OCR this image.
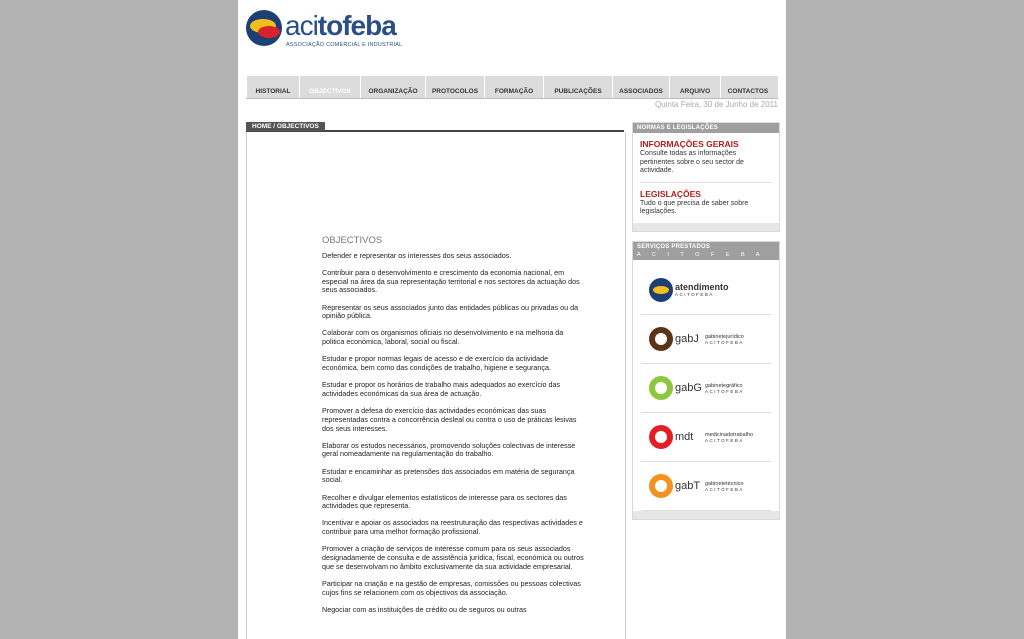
acitofeba
ASSOCIAÇÃO COMERCIAL E INDUSTRIAL
HISTORIAL	OBJECTIVOS	ORGANIZAÇÃO	PROTOCOLOS	FORMAÇÃO	PUBLICAÇÕES	ASSOCIADOS	ARQUIVO	CONTACTOS
Quinta Feira, 30 de Junho de 2011
HOME / OBJECTIVOS
OBJECTIVOS

Defender e representar os interesses dos seus associados.

Contribuir para o desenvolvimento e crescimento da economia nacional, em especial na área da sua representação territorial e nos sectores da actuação dos seus associados.

Representar os seus associados junto das entidades públicas ou privadas ou da opinião pública.

Colaborar com os organismos oficiais no desenvolvimento e na melhoria da politica económica, laboral, social ou fiscal.

Estudar e propor normas legais de acesso e de exercício da actividade económica, bem como das condições de trabalho, higiene e segurança.

Estudar e propor os horários de trabalho mais adequados ao exercício das actividades económicas da sua área de actuação.

Promover a defesa do exercício das actividades económicas das suas representadas contra a concorrência desleal ou contra o uso de práticas lesivas dos seus interesses.

Elaborar os estudos necessários, promovendo soluções colectivas de interesse geral nomeadamente na regulamentação do trabalho.

Estudar e encaminhar as pretensões dos associados em matéria de segurança social.

Recolher e divulgar elementos estatísticos de interesse para os sectores das actividades que representa.

Incentivar e apoiar os associados na reestruturação das respectivas actividades e contribuir para uma melhor formação profissional.

Promover a criação de serviços de interesse comum para os seus associados designadamente de consulta e de assistência jurídica, fiscal, económica ou outros que se desenvolvam no âmbito exclusivamente da sua actividade empresarial.

Participar na criação e na gestão de empresas, comissões ou pessoas colectivas cujos fins se relacionem com os objectivos da associação.

Negociar com as instituições de crédito ou de seguros ou outras

NORMAS E LEGISLAÇÕES
INFORMAÇÕES GERAIS

Consulte todas as informações pertinentes sobre o seu sector de actividade.

LEGISLAÇÕES

Tudo o que precisa de saber sobre legislações.

SERVIÇOS PRESTADOS
A C I T O F E B A
atendimento
ACITOFEBA
gabJ gabinetejurídico
ACITOFEBA
gabG gabinetegráfico
ACITOFEBA
mdt medicinadotrabalho
ACITOFEBA
gabT gabinetetécnico
ACITOFEBA
